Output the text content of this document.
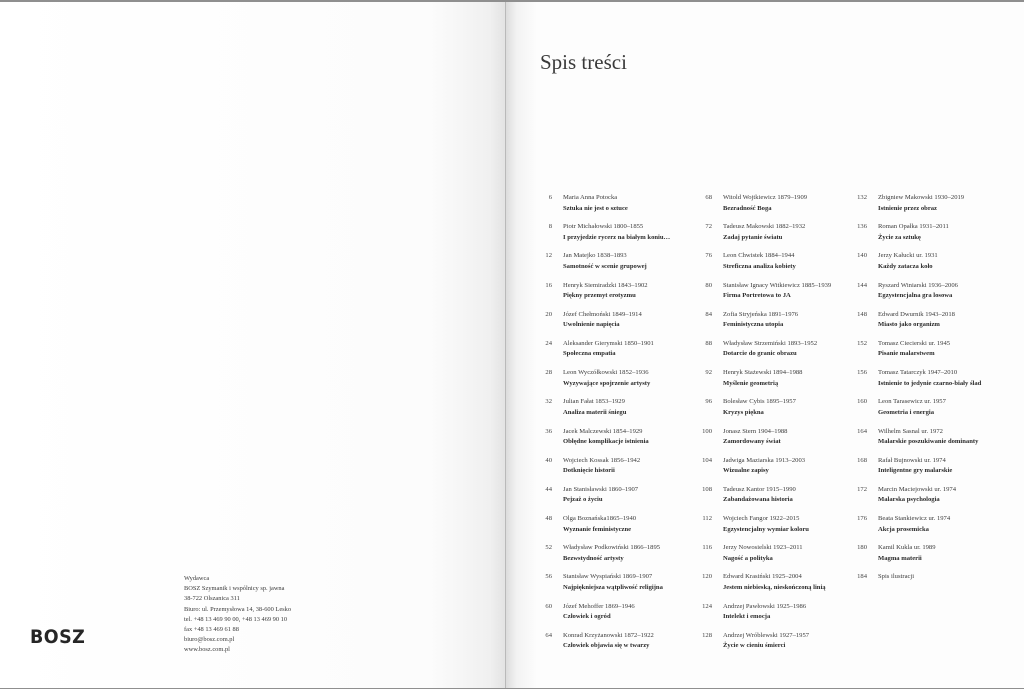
Wydawca
BOSZ Szymanik i wspólnicy sp. jawna
38-722 Olszanica 311
Biuro: ul. Przemysłowa 14, 38-600 Lesko
tel. +48 13 469 90 00, +48 13 469 90 10
fax +48 13 469 61 88
biuro@bosz.com.pl
www.bosz.com.pl
BOSZ
Spis treści
6 Maria Anna Potocka
Sztuka nie jest o sztuce
8 Piotr Michałowski 1800–1855
I przyjedzie rycerz na białym koniu…
12 Jan Matejko 1838–1893
Samotność w scenie grupowej
16 Henryk Siemiradzki 1843–1902
Piękny przemyt erotyzmu
20 Józef Chełmoński 1849–1914
Uwolnienie napięcia
24 Aleksander Gierymski 1850–1901
Społeczna empatia
28 Leon Wyczółkowski 1852–1936
Wyzywające spojrzenie artysty
32 Julian Fałat 1853–1929
Analiza materii śniegu
36 Jacek Malczewski 1854–1929
Obłędne komplikacje istnienia
40 Wojciech Kossak 1856–1942
Dotknięcie historii
44 Jan Stanisławski 1860–1907
Pejzaż o życiu
48 Olga Boznańska1865–1940
Wyznanie feministyczne
52 Władysław Podkowiński 1866–1895
Bezwstydność artysty
56 Stanisław Wyspiański 1869–1907
Najpiękniejsza wątpliwość religijna
60 Józef Mehoffer 1869–1946
Człowiek i ogród
64 Konrad Krzyżanowski 1872–1922
Człowiek objawia się w twarzy
68 Witold Wojtkiewicz 1879–1909
Bezradność Boga
72 Tadeusz Makowski 1882–1932
Zadaj pytanie światu
76 Leon Chwistek 1884–1944
Streficzna analiza kobiety
80 Stanisław Ignacy Witkiewicz 1885–1939
Firma Portretowa to JA
84 Zofia Stryjeńska 1891–1976
Feministyczna utopia
88 Władysław Strzemiński 1893–1952
Dotarcie do granic obrazu
92 Henryk Stażewski 1894–1988
Myślenie geometrią
96 Bolesław Cybis 1895–1957
Kryzys piękna
100 Jonasz Stern 1904–1988
Zamordowany świat
104 Jadwiga Maziarska 1913–2003
Wizualne zapisy
108 Tadeusz Kantor 1915–1990
Zabandażowana historia
112 Wojciech Fangor 1922–2015
Egzystencjalny wymiar koloru
116 Jerzy Nowosielski 1923–2011
Nagość a polityka
120 Edward Krasiński 1925–2004
Jestem niebieską, nieskończoną linią
124 Andrzej Pawłowski 1925–1986
Intelekt i emocja
128 Andrzej Wróblewski 1927–1957
Życie w cieniu śmierci
132 Zbigniew Makowski 1930–2019
Istnienie przez obraz
136 Roman Opałka 1931–2011
Życie za sztukę
140 Jerzy Kałucki ur. 1931
Każdy zatacza koło
144 Ryszard Winiarski 1936–2006
Egzystencjalna gra losowa
148 Edward Dwurnik 1943–2018
Miasto jako organizm
152 Tomasz Ciecierski ur. 1945
Pisanie malarstwem
156 Tomasz Tatarczyk 1947–2010
Istnienie to jedynie czarno-biały ślad
160 Leon Tarasewicz ur. 1957
Geometria i energia
164 Wilhelm Sasnal ur. 1972
Malarskie poszukiwanie dominanty
168 Rafał Bujnowski ur. 1974
Inteligentne gry malarskie
172 Marcin Maciejowski ur. 1974
Malarska psychologia
176 Beata Stankiewicz ur. 1974
Akcja prosemicka
180 Kamil Kukla ur. 1989
Magma materii
184 Spis ilustracji
